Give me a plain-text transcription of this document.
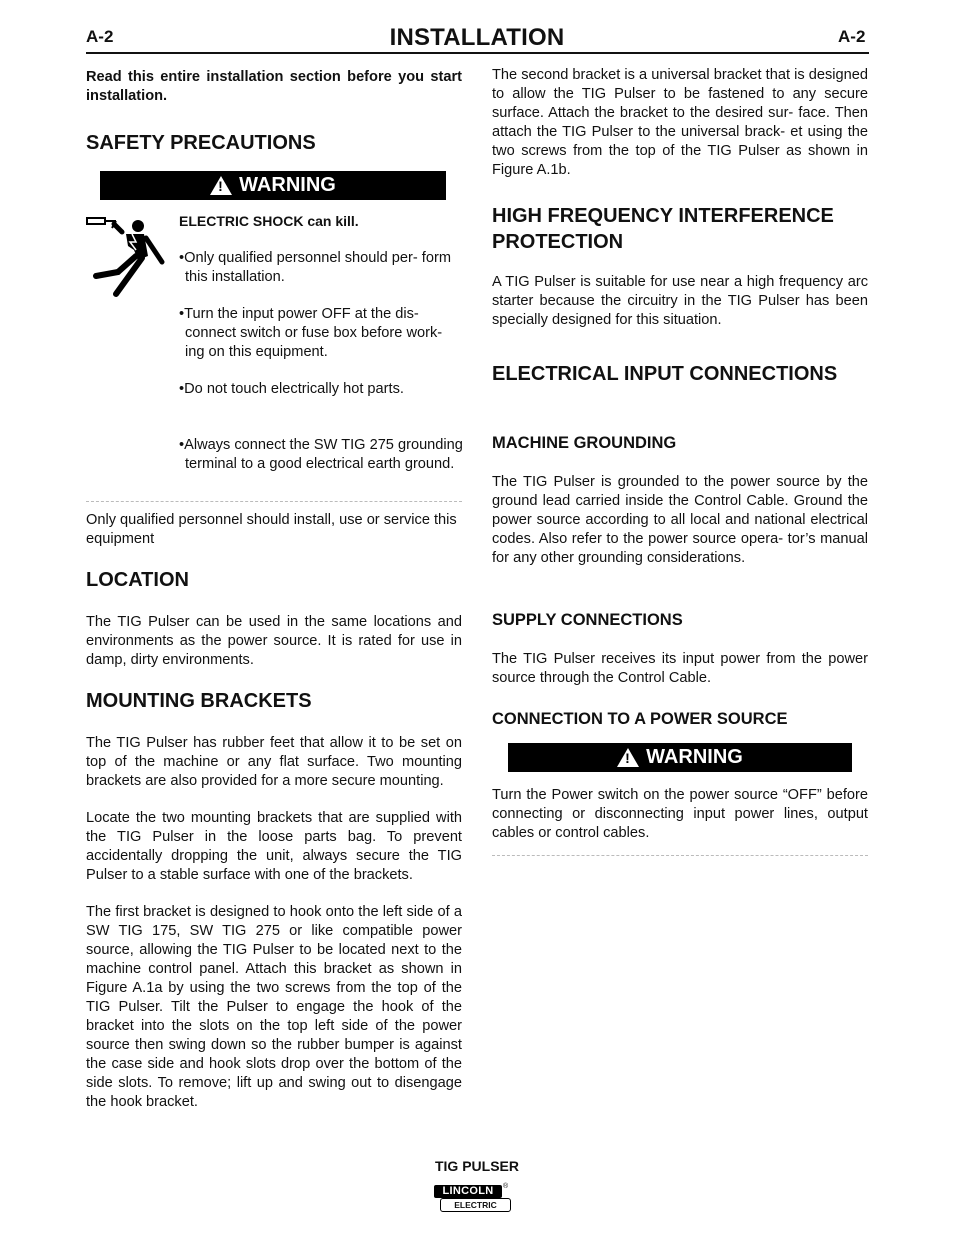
A-2	INSTALLATION	A-2

Read this entire installation section before you start installation.

SAFETY PRECAUTIONS
! WARNING
ELECTRIC SHOCK can kill.
•Only qualified personnel should per- form this installation.
•Turn the input power OFF at the dis- connect switch or fuse box before work- ing on this equipment.
•Do not touch electrically hot parts.
•Always connect the SW TIG 275 grounding terminal to a good electrical earth ground.

Only qualified personnel should install, use or service this equipment

LOCATION

The TIG Pulser can be used in the same locations and environments as the power source. It is rated for use in damp, dirty environments.

MOUNTING BRACKETS

The TIG Pulser has rubber feet that allow it to be set on top of the machine or any flat surface. Two mounting brackets are also provided for a more secure mounting.

Locate the two mounting brackets that are supplied with the TIG Pulser in the loose parts bag. To prevent accidentally dropping the unit, always secure the TIG Pulser to a stable surface with one of the brackets.

The first bracket is designed to hook onto the left side of a SW TIG 175, SW TIG 275 or like compatible power source, allowing the TIG Pulser to be located next to the machine control panel. Attach this bracket as shown in Figure A.1a by using the two screws from the top of the TIG Pulser. Tilt the Pulser to engage the hook of the bracket into the slots on the top left side of the power source then swing down so the rubber bumper is against the case side and hook slots drop over the bottom of the side slots. To remove; lift up and swing out to disengage the hook bracket.

The second bracket is a universal bracket that is designed to allow the TIG Pulser to be fastened to any secure surface. Attach the bracket to the desired sur- face. Then attach the TIG Pulser to the universal brack- et using the two screws from the top of the TIG Pulser as shown in Figure A.1b.

HIGH FREQUENCY INTERFERENCE PROTECTION

A TIG Pulser is suitable for use near a high frequency arc starter because the circuitry in the TIG Pulser has been specially designed for this situation.

ELECTRICAL INPUT CONNECTIONS
MACHINE GROUNDING

The TIG Pulser is grounded to the power source by the ground lead carried inside the Control Cable. Ground the power source according to all local and national electrical codes. Also refer to the power source opera- tor’s manual for any other grounding considerations.

SUPPLY CONNECTIONS

The TIG Pulser receives its input power from the power source through the Control Cable.

CONNECTION TO A POWER SOURCE
! WARNING

Turn the Power switch on the power source “OFF” before connecting or disconnecting input power lines, output cables or control cables.

TIG PULSER
LINCOLN	®
ELECTRIC
